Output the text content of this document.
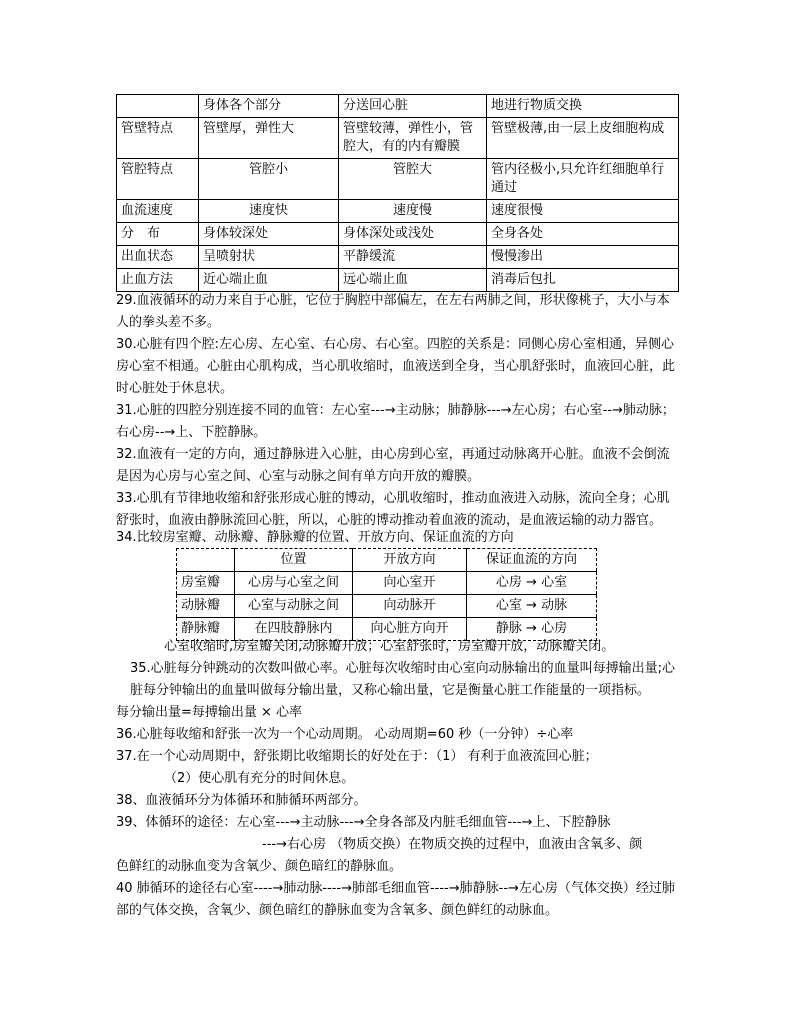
	身体各个部分	分送回心脏	地进行物质交换
管壁特点	管壁厚，弹性大	管壁较薄，弹性小，管腔大，有的内有瓣膜	管壁极薄,由一层上皮细胞构成
管腔特点	管腔小	管腔大	管内径极小,只允许红细胞单行通过
血流速度	速度快	速度慢	速度很慢
分　布	身体较深处	身体深处或浅处	全身各处
出血状态	呈喷射状	平静缓流	慢慢渗出
止血方法	近心端止血	远心端止血	消毒后包扎

29.血液循环的动力来自于心脏，它位于胸腔中部偏左，在左右两肺之间，形状像桃子，大小与本人的拳头差不多。

30.心脏有四个腔:左心房、左心室、右心房、右心室。四腔的关系是：同侧心房心室相通，异侧心房心室不相通。心脏由心肌构成，当心肌收缩时，血液送到全身，当心肌舒张时，血液回心脏，此时心脏处于休息状。

31.心脏的四腔分别连接不同的血管：左心室---→主动脉；肺静脉---→左心房；右心室--→肺动脉；右心房--→上、下腔静脉。

32.血液有一定的方向，通过静脉进入心脏，由心房到心室，再通过动脉离开心脏。血液不会倒流是因为心房与心室之间、心室与动脉之间有单方向开放的瓣膜。

33.心肌有节律地收缩和舒张形成心脏的博动，心肌收缩时，推动血液进入动脉，流向全身；心肌舒张时，血液由静脉流回心脏，所以，心脏的博动推动着血液的流动，是血液运输的动力器官。

34.比较房室瓣、动脉瓣、静脉瓣的位置、开放方向、保证血流的方向

	位置	开放方向	保证血流的方向
房室瓣	心房与心室之间	向心室开	心房 → 心室
动脉瓣	心室与动脉之间	向动脉开	心室 → 动脉
静脉瓣	在四肢静脉内	向心脏方向开	静脉 → 心房

心室收缩时,房室瓣关闭,动脉瓣开放；心室舒张时，房室瓣开放，动脉瓣关闭。

35.心脏每分钟跳动的次数叫做心率。心脏每次收缩时由心室向动脉输出的血量叫每搏输出量;心脏每分钟输出的血量叫做每分输出量，又称心输出量，它是衡量心脏工作能量的一项指标。

每分输出量=每搏输出量 × 心率

36.心脏每收缩和舒张一次为一个心动周期。 心动周期=60 秒（一分钟）÷心率

37.在一个心动周期中，舒张期比收缩期长的好处在于：（1） 有利于血液流回心脏；

（2）使心肌有充分的时间休息。

38、血液循环分为体循环和肺循环两部分。

39、体循环的途径：左心室---→主动脉---→全身各部及内脏毛细血管---→上、下腔静脉

---→右心房 （物质交换）在物质交换的过程中，血液由含氧多、颜

色鲜红的动脉血变为含氧少、颜色暗红的静脉血。

40 肺循环的途径右心室----→肺动脉----→肺部毛细血管----→肺静脉--→左心房（气体交换）经过肺部的气体交换，含氧少、颜色暗红的静脉血变为含氧多、颜色鲜红的动脉血。
